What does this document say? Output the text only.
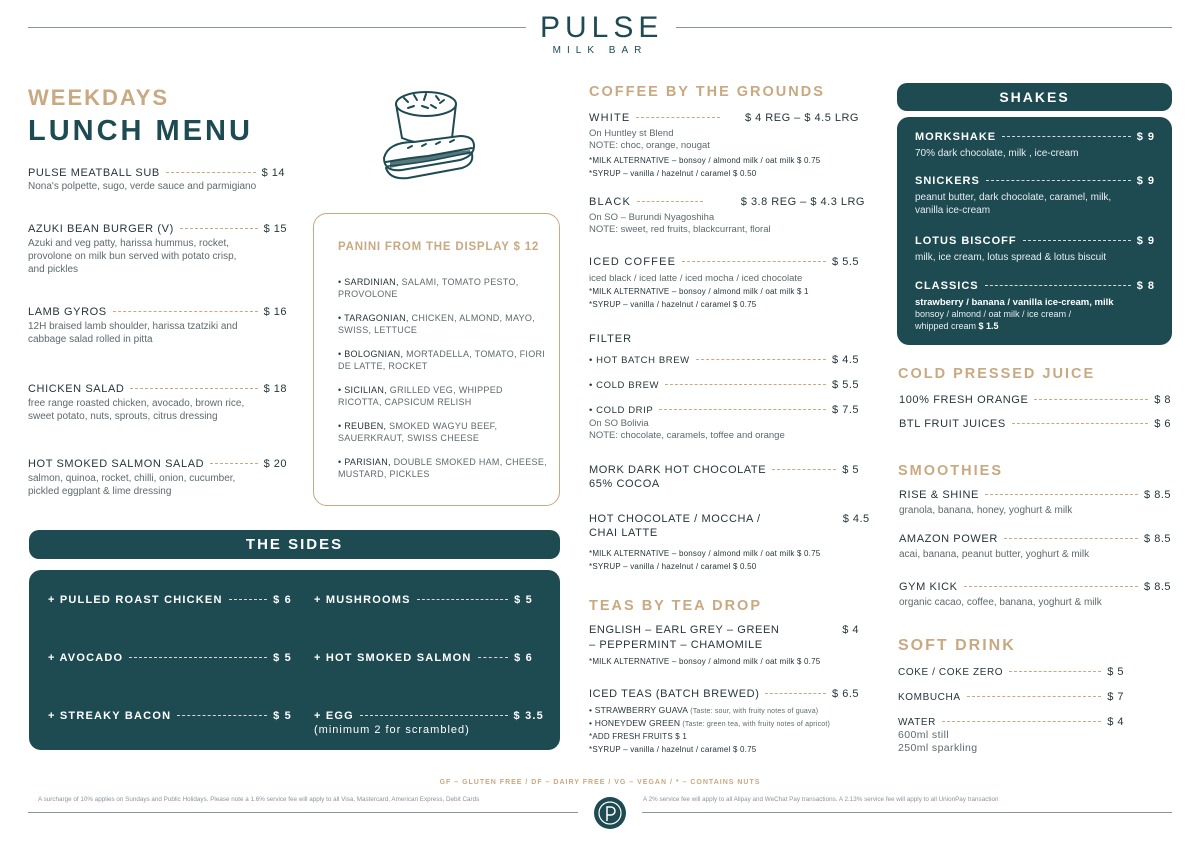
PULSE
MILK BAR
WEEKDAYS
LUNCH MENU
PULSE MEATBALL SUB	$ 14
Nona's polpette, sugo, verde sauce and parmigiano
AZUKI BEAN BURGER (V)	$ 15
Azuki and veg patty, harissa hummus, rocket,
provolone on milk bun served with potato crisp,
and pickles
LAMB GYROS	$ 16
12H braised lamb shoulder, harissa tzatziki and
cabbage salad rolled in pitta
CHICKEN SALAD	$ 18
free range roasted chicken, avocado, brown rice,
sweet potato, nuts, sprouts, citrus dressing
HOT SMOKED SALMON SALAD	$ 20
salmon, quinoa, rocket, chilli, onion, cucumber,
pickled eggplant & lime dressing
PANINI FROM THE DISPLAY $ 12
• SARDINIAN, SALAMI, TOMATO PESTO, PROVOLONE
• TARAGONIAN, CHICKEN, ALMOND, MAYO, SWISS, LETTUCE
• BOLOGNIAN, MORTADELLA, TOMATO, FIORI DE LATTE, ROCKET
• SICILIAN, GRILLED VEG, WHIPPED RICOTTA, CAPSICUM RELISH
• REUBEN, SMOKED WAGYU BEEF, SAUERKRAUT, SWISS CHEESE
• PARISIAN, DOUBLE SMOKED HAM, CHEESE, MUSTARD, PICKLES
THE SIDES
+ PULLED ROAST CHICKEN	$ 6
+ AVOCADO	$ 5
+ STREAKY BACON	$ 5
+ MUSHROOMS	$ 5
+ HOT SMOKED SALMON	$ 6
+ EGG	$ 3.5
(minimum 2 for scrambled)
COFFEE BY THE GROUNDS
WHITE	$ 4 REG – $ 4.5 LRG
On Huntley st Blend
NOTE: choc, orange, nougat
*MILK ALTERNATIVE – bonsoy / almond milk / oat milk $ 0.75
*SYRUP – vanilla / hazelnut / caramel $ 0.50
BLACK	$ 3.8 REG – $ 4.3 LRG
On SO – Burundi Nyagoshiha
NOTE: sweet, red fruits, blackcurrant, floral
ICED COFFEE	$ 5.5
iced black / iced latte / iced mocha / iced chocolate
*MILK ALTERNATIVE – bonsoy / almond milk / oat milk $ 1
*SYRUP – vanilla / hazelnut / caramel $ 0.75
FILTER
• HOT BATCH BREW	$ 4.5
• COLD BREW	$ 5.5
• COLD DRIP	$ 7.5
On SO Bolivia
NOTE: chocolate, caramels, toffee and orange
MORK DARK HOT CHOCOLATE	$ 5
65% COCOA
HOT CHOCOLATE / MOCCHA /	$ 4.5
CHAI LATTE
*MILK ALTERNATIVE – bonsoy / almond milk / oat milk $ 0.75
*SYRUP – vanilla / hazelnut / caramel $ 0.50
TEAS BY TEA DROP
ENGLISH – EARL GREY – GREEN	$ 4
– PEPPERMINT – CHAMOMILE
*MILK ALTERNATIVE – bonsoy / almond milk / oat milk $ 0.75
ICED TEAS (BATCH BREWED)	$ 6.5
• STRAWBERRY GUAVA (Taste: sour, with fruity notes of guava)
• HONEYDEW GREEN (Taste: green tea, with fruity notes of apricot)
*ADD FRESH FRUITS $ 1
*SYRUP – vanilla / hazelnut / caramel $ 0.75
SHAKES
MORKSHAKE	$ 9
70% dark chocolate, milk , ice-cream
SNICKERS	$ 9
peanut butter, dark chocolate, caramel, milk,
vanilla ice-cream
LOTUS BISCOFF	$ 9
milk, ice cream, lotus spread & lotus biscuit
CLASSICS	$ 8
strawberry / banana / vanilla ice-cream, milk
bonsoy / almond / oat milk / ice cream /
whipped cream $ 1.5
COLD PRESSED JUICE
100% FRESH ORANGE	$ 8
BTL FRUIT JUICES	$ 6
SMOOTHIES
RISE & SHINE	$ 8.5
granola, banana, honey, yoghurt & milk
AMAZON POWER	$ 8.5
acai, banana, peanut butter, yoghurt & milk
GYM KICK	$ 8.5
organic cacao, coffee, banana, yoghurt & milk
SOFT DRINK
COKE / COKE ZERO	$ 5
KOMBUCHA	$ 7
WATER	$ 4
600ml still
250ml sparkling
GF – GLUTEN FREE / DF – DAIRY FREE / VG – VEGAN / * – CONTAINS NUTS
A surcharge of 10% applies on Sundays and Public Holidays. Please note a 1.6% service fee will apply to all Visa, Mastercard, American Express, Debit Cards	A 2% service fee will apply to all Alipay and WeChat Pay transactions. A 2.13% service fee will apply to all UnionPay transaction
